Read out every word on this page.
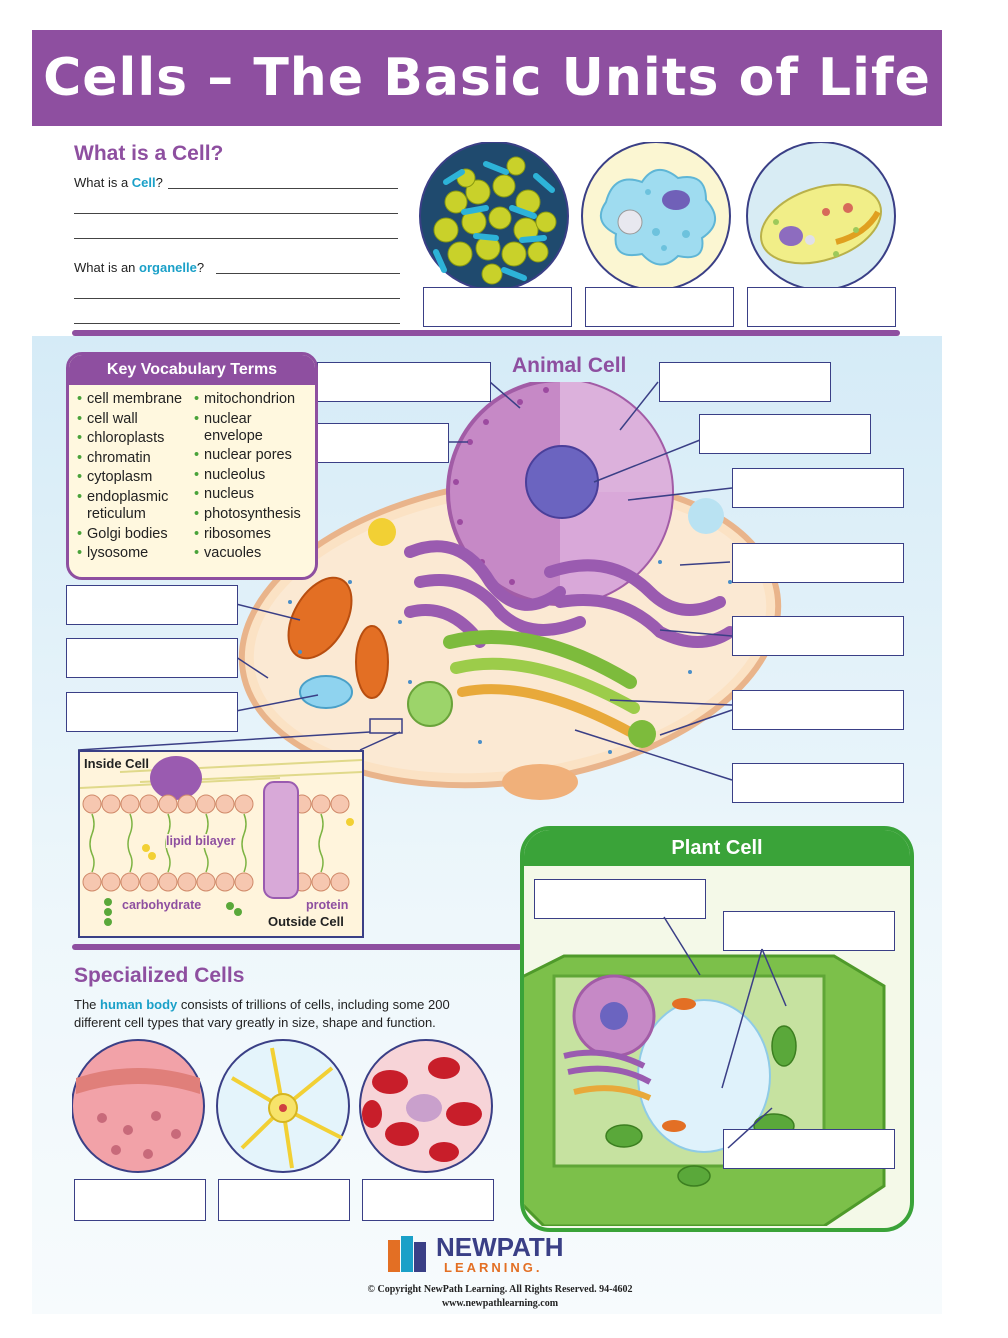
Cells – The Basic Units of Life
What is a Cell?
What is a Cell?
What is an organelle?
Animal Cell
Key Vocabulary Terms
• cell membrane
• cell wall
• chloroplasts
• chromatin
• cytoplasm
• endoplasmic reticulum
• Golgi bodies
• lysosome
• mitochondrion
• nuclear envelope
• nuclear pores
• nucleolus
• nucleus
• photosynthesis
• ribosomes
• vacuoles
Inside Cell
lipid bilayer
carbohydrate	protein
Outside Cell
Specialized Cells
The human body consists of trillions of cells, including some 200 different cell types that vary greatly in size, shape and function.
Plant Cell
NEWPATH
LEARNING.
© Copyright NewPath Learning. All Rights Reserved. 94-4602
www.newpathlearning.com
